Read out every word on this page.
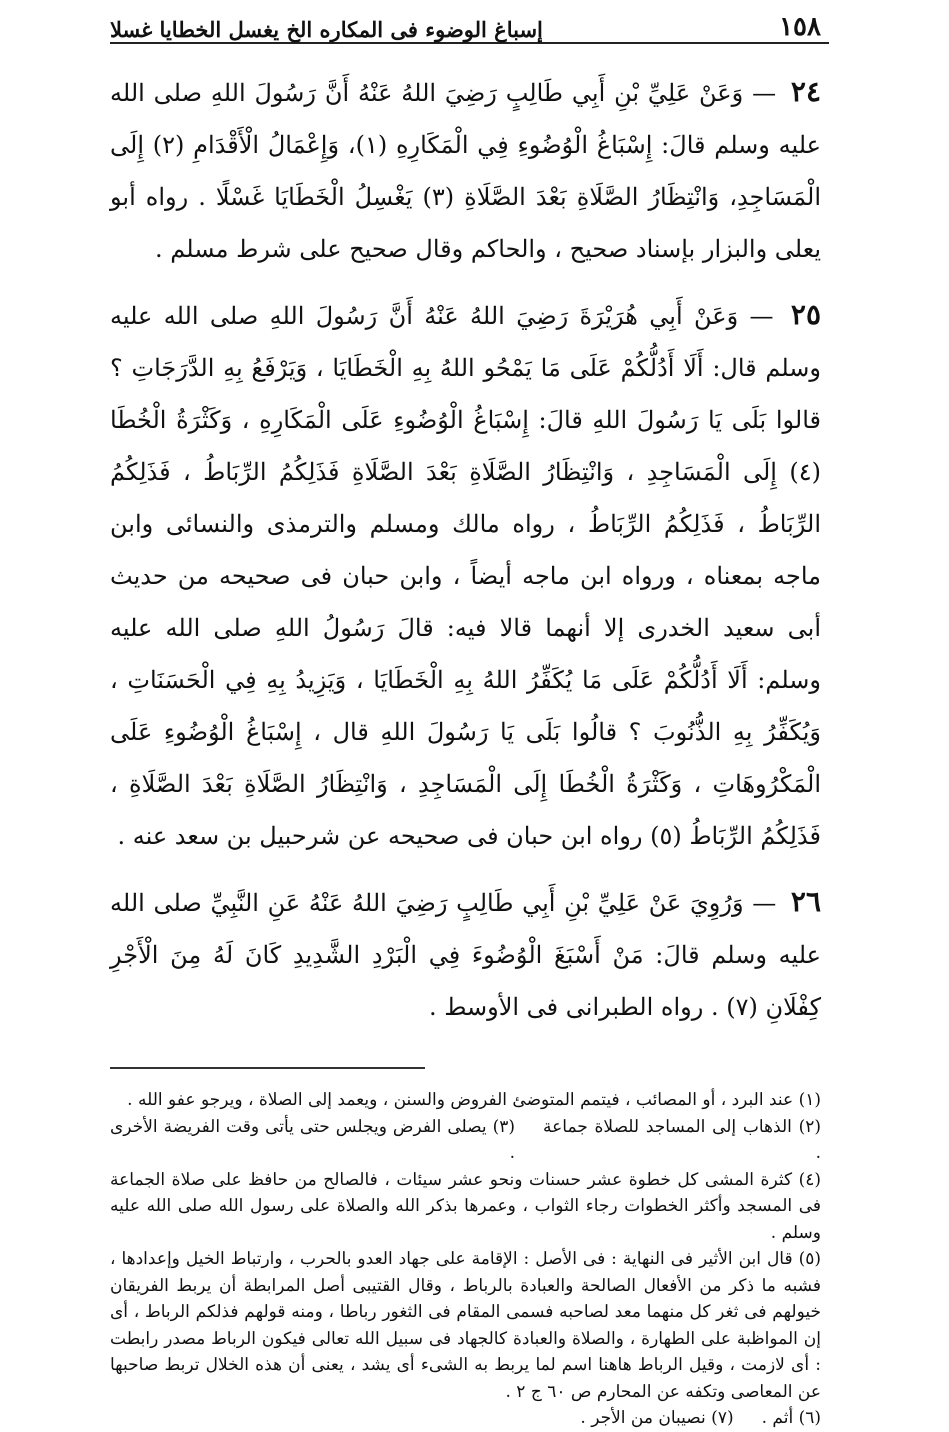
١٥٨
إسباغ الوضوء فى المكاره الخ يغسل الخطايا غسلا

٢٤ — وَعَنْ عَلِيِّ بْنِ أَبِي طَالِبٍ رَضِيَ اللهُ عَنْهُ أَنَّ رَسُولَ اللهِ صلى الله عليه وسلم قالَ: إِسْبَاغُ الْوُضُوءِ فِي الْمَكَارِهِ (١)، وَإِعْمَالُ الْأَقْدَامِ (٢) إِلَى الْمَسَاجِدِ، وَانْتِظَارُ الصَّلَاةِ بَعْدَ الصَّلَاةِ (٣) يَغْسِلُ الْخَطَايَا غَسْلًا . رواه أبو يعلى والبزار بإسناد صحيح ، والحاكم وقال صحيح على شرط مسلم .

٢٥ — وَعَنْ أَبِي هُرَيْرَةَ رَضِيَ اللهُ عَنْهُ أَنَّ رَسُولَ اللهِ صلى الله عليه وسلم قال: أَلَا أَدُلُّكُمْ عَلَى مَا يَمْحُو اللهُ بِهِ الْخَطَايَا ، وَيَرْفَعُ بِهِ الدَّرَجَاتِ ؟ قالوا بَلَى يَا رَسُولَ اللهِ قالَ: إِسْبَاغُ الْوُضُوءِ عَلَى الْمَكَارِهِ ، وَكَثْرَةُ الْخُطَا (٤) إِلَى الْمَسَاجِدِ ، وَانْتِظَارُ الصَّلَاةِ بَعْدَ الصَّلَاةِ فَذَلِكُمُ الرِّبَاطُ ، فَذَلِكُمُ الرِّبَاطُ ، فَذَلِكُمُ الرِّبَاطُ ، رواه مالك ومسلم والترمذى والنسائى وابن ماجه بمعناه ، ورواه ابن ماجه أيضاً ، وابن حبان فى صحيحه من حديث أبى سعيد الخدرى إلا أنهما قالا فيه: قالَ رَسُولُ اللهِ صلى الله عليه وسلم: أَلَا أَدُلُّكُمْ عَلَى مَا يُكَفِّرُ اللهُ بِهِ الْخَطَايَا ، وَيَزِيدُ بِهِ فِي الْحَسَنَاتِ ، وَيُكَفِّرُ بِهِ الذُّنُوبَ ؟ قالُوا بَلَى يَا رَسُولَ اللهِ قال ، إِسْبَاغُ الْوُضُوءِ عَلَى الْمَكْرُوهَاتِ ، وَكَثْرَةُ الْخُطَا إِلَى الْمَسَاجِدِ ، وَانْتِظَارُ الصَّلَاةِ بَعْدَ الصَّلَاةِ ، فَذَلِكُمُ الرِّبَاطُ (٥) رواه ابن حبان فى صحيحه عن شرحبيل بن سعد عنه .

٢٦ — وَرُوِيَ عَنْ عَلِيِّ بْنِ أَبِي طَالِبٍ رَضِيَ اللهُ عَنْهُ عَنِ النَّبِيِّ صلى الله عليه وسلم قالَ: مَنْ أَسْبَغَ الْوُضُوءَ فِي الْبَرْدِ الشَّدِيدِ كَانَ لَهُ مِنَ الْأَجْرِ كِفْلَانِ (٧) . رواه الطبرانى فى الأوسط .

(١) عند البرد ، أو المصائب ، فيتمم المتوضئ الفروض والسنن ، ويعمد إلى الصلاة ، ويرجو عفو الله .

(٢) الذهاب إلى المساجد للصلاة جماعة .
(٣) يصلى الفرض ويجلس حتى يأتى وقت الفريضة الأخرى .

(٤) كثرة المشى كل خطوة عشر حسنات ونحو عشر سيئات ، فالصالح من حافظ على صلاة الجماعة فى المسجد وأكثر الخطوات رجاء الثواب ، وعمرها بذكر الله والصلاة على رسول الله صلى الله عليه وسلم .

(٥) قال ابن الأثير فى النهاية : فى الأصل : الإقامة على جهاد العدو بالحرب ، وارتباط الخيل وإعدادها ، فشبه ما ذكر من الأفعال الصالحة والعبادة بالرباط ، وقال القتيبى أصل المرابطة أن يربط الفريقان خيولهم فى ثغر كل منهما معد لصاحبه فسمى المقام فى الثغور رباطا ، ومنه قولهم فذلكم الرباط ، أى إن المواظبة على الطهارة ، والصلاة والعبادة كالجهاد فى سبيل الله تعالى فيكون الرباط مصدر رابطت : أى لازمت ، وقيل الرباط هاهنا اسم لما يربط به الشىء أى يشد ، يعنى أن هذه الخلال تربط صاحبها عن المعاصى وتكفه عن المحارم ص ٦٠ ج ٢ .

(٦) أثم .
(٧) نصيبان من الأجر .
